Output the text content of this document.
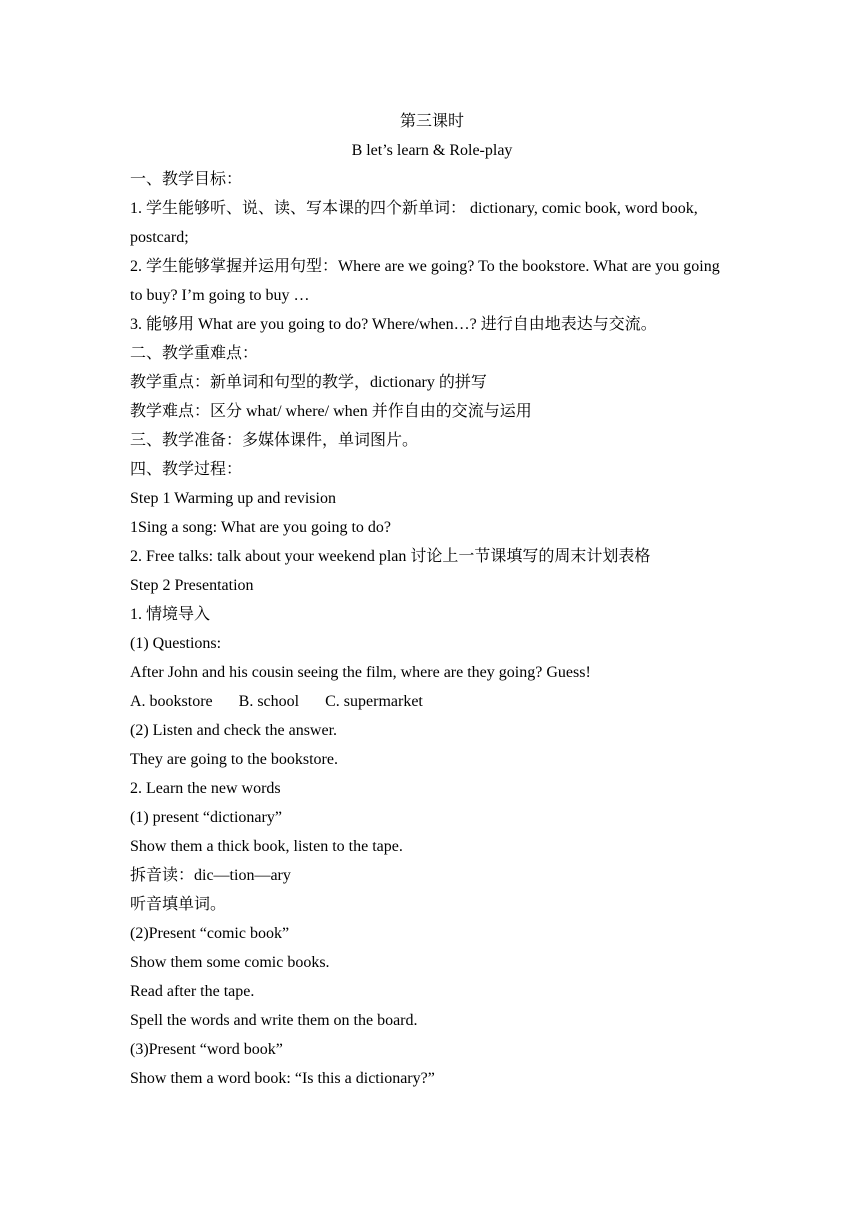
第三课时
B let’s learn & Role-play
一、教学目标：
1. 学生能够听、说、读、写本课的四个新单词： dictionary, comic book, word book, postcard;
2. 学生能够掌握并运用句型：Where are we going? To the bookstore. What are you going to buy? I’m going to buy …
3. 能够用 What are you going to do? Where/when…? 进行自由地表达与交流。
二、教学重难点：
教学重点：新单词和句型的教学，dictionary 的拼写
教学难点：区分 what/ where/ when 并作自由的交流与运用
三、教学准备：多媒体课件，单词图片。
四、教学过程：
Step 1 Warming up and revision
1Sing a song: What are you going to do?
2. Free talks: talk about your weekend plan 讨论上一节课填写的周末计划表格
Step 2 Presentation
1. 情境导入
(1) Questions:
After John and his cousin seeing the film, where are they going? Guess!
A. bookstore B. school C. supermarket
(2) Listen and check the answer.
They are going to the bookstore.
2. Learn the new words
(1) present “dictionary”
Show them a thick book, listen to the tape.
拆音读：dic—tion—ary
听音填单词。
(2)Present “comic book”
Show them some comic books.
Read after the tape.
Spell the words and write them on the board.
(3)Present “word book”
Show them a word book: “Is this a dictionary?”
